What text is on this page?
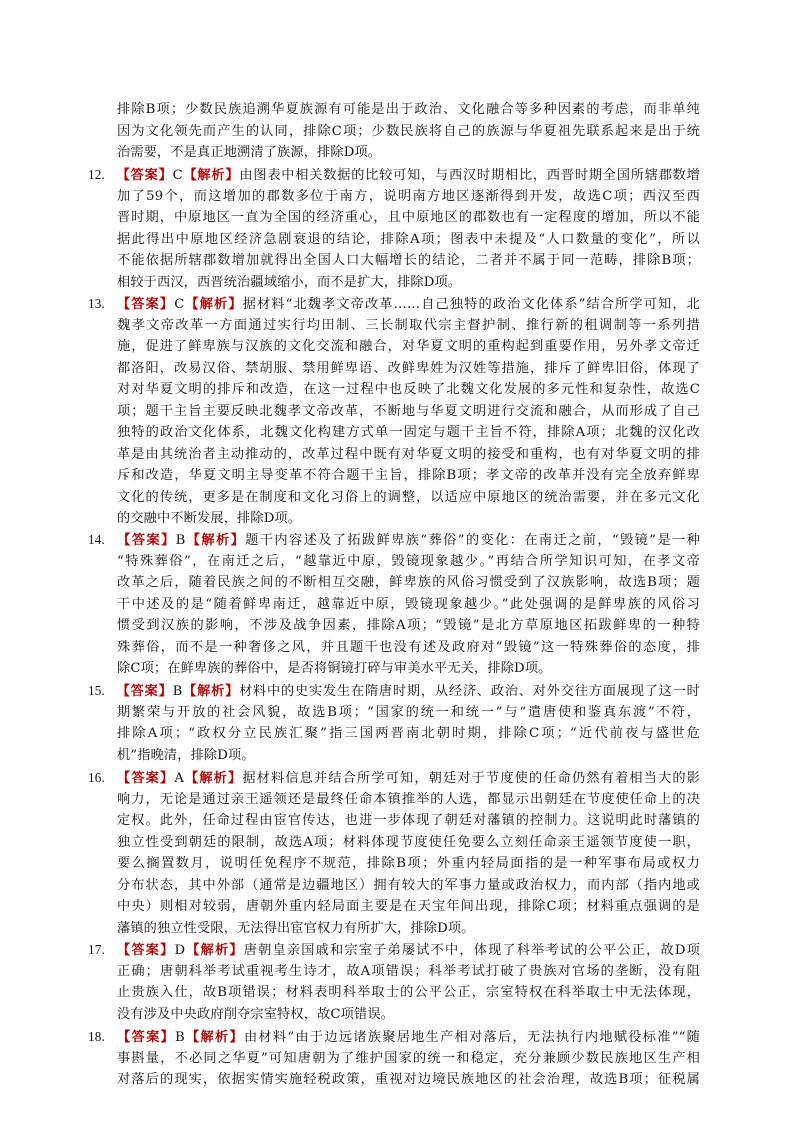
排除B项；少数民族追溯华夏族源有可能是出于政治、文化融合等多种因素的考虑，而非单纯
因为文化领先而产生的认同，排除C项；少数民族将自己的族源与华夏祖先联系起来是出于统
治需要，不是真正地溯清了族源，排除D项。
12. 【答案】C【解析】由图表中相关数据的比较可知，与西汉时期相比，西晋时期全国所辖郡数增
加了59个，而这增加的郡数多位于南方，说明南方地区逐渐得到开发，故选C项；西汉至西
晋时期，中原地区一直为全国的经济重心，且中原地区的郡数也有一定程度的增加，所以不能
据此得出中原地区经济急剧衰退的结论，排除A项；图表中未提及“人口数量的变化”，所以
不能依据所辖郡数增加就得出全国人口大幅增长的结论，二者并不属于同一范畴，排除B项；
相较于西汉，西晋统治疆域缩小，而不是扩大，排除D项。
13. 【答案】C【解析】据材料“北魏孝文帝改革……自己独特的政治文化体系”结合所学可知，北
魏孝文帝改革一方面通过实行均田制、三长制取代宗主督护制、推行新的租调制等一系列措
施，促进了鲜卑族与汉族的文化交流和融合，对华夏文明的重构起到重要作用，另外孝文帝迁
都洛阳，改易汉俗、禁胡服、禁用鲜卑语、改鲜卑姓为汉姓等措施，排斥了鲜卑旧俗，体现了
对对华夏文明的排斥和改造，在这一过程中也反映了北魏文化发展的多元性和复杂性，故选C
项；题干主旨主要反映北魏孝文帝改革，不断地与华夏文明进行交流和融合，从而形成了自己
独特的政治文化体系，北魏文化构建方式单一固定与题干主旨不符，排除A项；北魏的汉化改
革是由其统治者主动推动的，改革过程中既有对华夏文明的接受和重构，也有对华夏文明的排
斥和改造，华夏文明主导变革不符合题干主旨，排除B项；孝文帝的改革并没有完全放弃鲜卑
文化的传统，更多是在制度和文化习俗上的调整，以适应中原地区的统治需要，并在多元文化
的交融中不断发展，排除D项。
14. 【答案】B【解析】题干内容述及了拓跋鲜卑族“葬俗”的变化：在南迁之前，“毁镜”是一种
“特殊葬俗”，在南迁之后，“越靠近中原，毁镜现象越少。”再结合所学知识可知，在孝文帝
改革之后，随着民族之间的不断相互交融，鲜卑族的风俗习惯受到了汉族影响，故选B项；题
干中述及的是“随着鲜卑南迁，越靠近中原，毁镜现象越少。”此处强调的是鲜卑族的风俗习
惯受到汉族的影响，不涉及战争因素，排除A项；“毁镜”是北方草原地区拓跋鲜卑的一种特
殊葬俗，而不是一种奢侈之风，并且题干也没有述及政府对“毁镜”这一特殊葬俗的态度，排
除C项；在鲜卑族的葬俗中，是否将铜镜打碎与审美水平无关，排除D项。
15. 【答案】B【解析】材料中的史实发生在隋唐时期，从经济、政治、对外交往方面展现了这一时
期繁荣与开放的社会风貌，故选B项；“国家的统一和统一”与“遣唐使和鉴真东渡”不符，
排除A项；“政权分立民族汇聚”指三国两晋南北朝时期，排除C项；“近代前夜与盛世危
机”指晚清，排除D项。
16. 【答案】A【解析】据材料信息并结合所学可知，朝廷对于节度使的任命仍然有着相当大的影
响力，无论是通过亲王遥领还是最终任命本镇推举的人选，都显示出朝廷在节度使任命上的决
定权。此外，任命过程由宦官传达，也进一步体现了朝廷对藩镇的控制力。这说明此时藩镇的
独立性受到朝廷的限制，故选A项；材料体现节度使任免要么立刻任命亲王遥领节度使一职，
要么搁置数月，说明任免程序不规范，排除B项；外重内轻局面指的是一种军事布局或权力
分布状态，其中外部（通常是边疆地区）拥有较大的军事力量或政治权力，而内部（指内地或
中央）则相对较弱，唐朝外重内轻局面主要是在天宝年间出现，排除C项；材料重点强调的是
藩镇的独立性受限，无法得出宦官权力有所扩大，排除D项。
17. 【答案】D【解析】唐朝皇亲国戚和宗室子弟屡试不中，体现了科举考试的公平公正，故D项
正确；唐朝科举考试重视考生诗才，故A项错误；科举考试打破了贵族对官场的垄断，没有阻
止贵族入仕，故B项错误；材料表明科举取士的公平公正，宗室特权在科举取士中无法体现，
没有涉及中央政府削夺宗室特权，故C项错误。
18. 【答案】B【解析】由材料“由于边远诸族聚居地生产相对落后，无法执行内地赋役标准”“随
事斟量，不必同之华夏”可知唐朝为了维护国家的统一和稳定，充分兼顾少数民族地区生产相
对落后的现实，依据实情实施轻税政策，重视对边境民族地区的社会治理，故选B项；征税属
